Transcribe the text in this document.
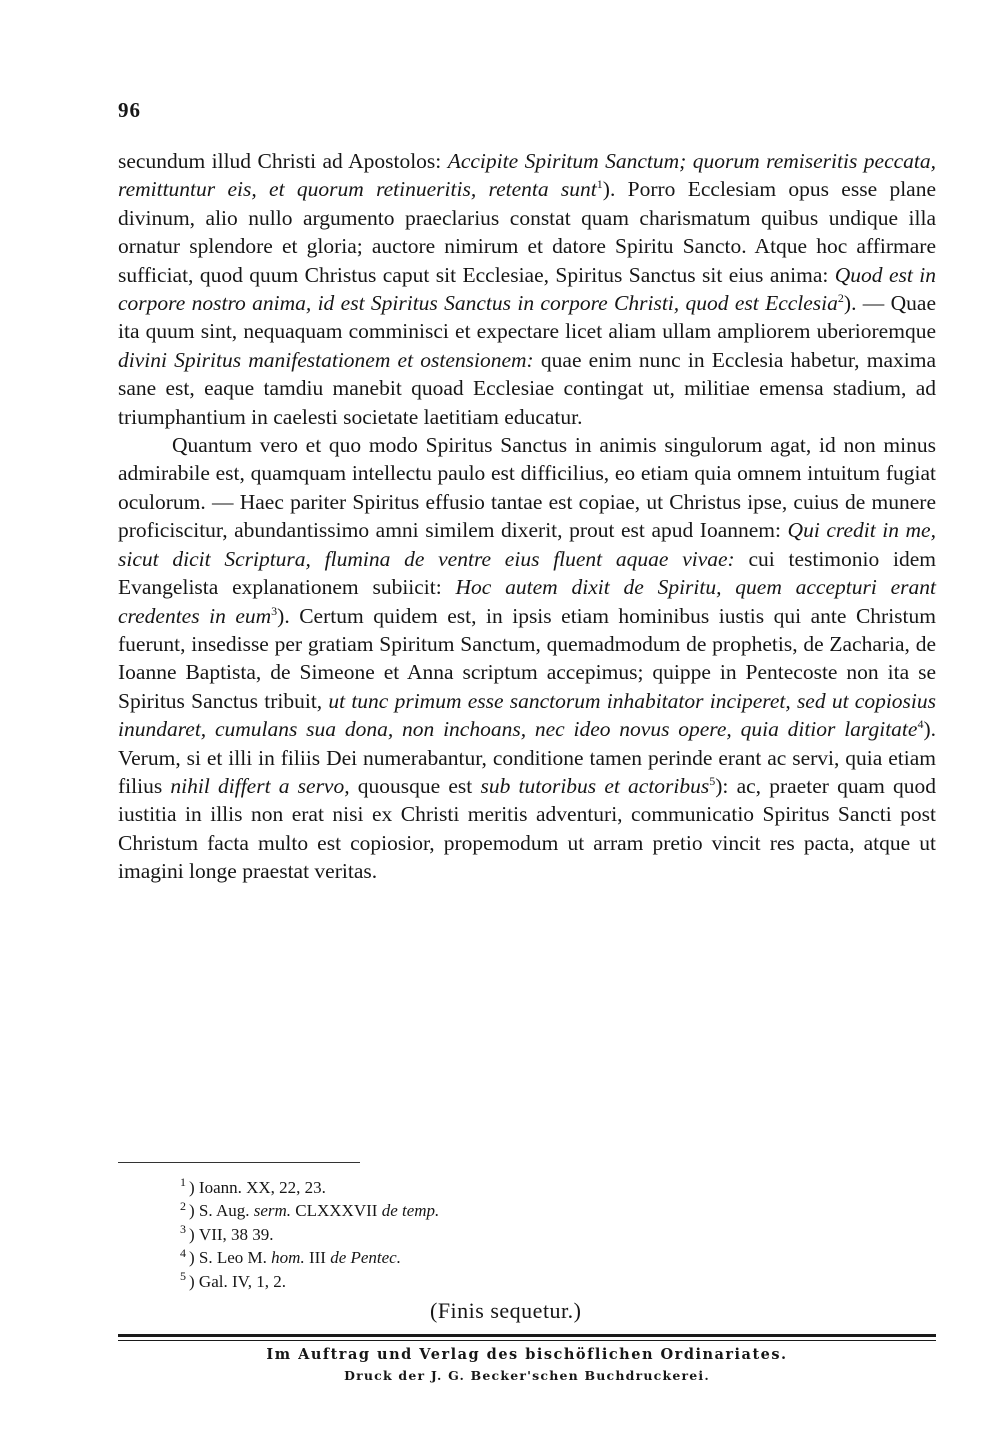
96

secundum illud Christi ad Apostolos: Accipite Spiritum Sanctum; quorum remiseritis peccata, remittuntur eis, et quorum retinueritis, retenta sunt$^1$). Porro Ecclesiam opus esse plane divinum, alio nullo argumento praeclarius constat quam charismatum quibus undique illa ornatur splendore et gloria; auctore nimirum et datore Spiritu Sancto. Atque hoc affirmare sufficiat, quod quum Christus caput sit Ecclesiae, Spiritus Sanctus sit eius anima: Quod est in corpore nostro anima, id est Spiritus Sanctus in corpore Christi, quod est Ecclesia$^2$). — Quae ita quum sint, nequaquam comminisci et expectare licet aliam ullam ampliorem uberioremque divini Spiritus manifestationem et ostensionem: quae enim nunc in Ecclesia habetur, maxima sane est, eaque tamdiu manebit quoad Ecclesiae contingat ut, militiae emensa stadium, ad triumphantium in caelesti societate laetitiam educatur.

Quantum vero et quo modo Spiritus Sanctus in animis singulorum agat, id non minus admirabile est, quamquam intellectu paulo est difficilius, eo etiam quia omnem intuitum fugiat oculorum. — Haec pariter Spiritus effusio tantae est copiae, ut Christus ipse, cuius de munere proficiscitur, abundantissimo amni similem dixerit, prout est apud Ioannem: Qui credit in me, sicut dicit Scriptura, flumina de ventre eius fluent aquae vivae: cui testimonio idem Evangelista explanationem subiicit: Hoc autem dixit de Spiritu, quem accepturi erant credentes in eum$^3$). Certum quidem est, in ipsis etiam hominibus iustis qui ante Christum fuerunt, insedisse per gratiam Spiritum Sanctum, quemadmodum de prophetis, de Zacharia, de Ioanne Baptista, de Simeone et Anna scriptum accepimus; quippe in Pentecoste non ita se Spiritus Sanctus tribuit, ut tunc primum esse sanctorum inhabitator inciperet, sed ut copiosius inundaret, cumulans sua dona, non inchoans, nec ideo novus opere, quia ditior largitate$^4$). Verum, si et illi in filiis Dei numerabantur, conditione tamen perinde erant ac servi, quia etiam filius nihil differt a servo, quousque est sub tutoribus et actoribus$^5$): ac, praeter quam quod iustitia in illis non erat nisi ex Christi meritis adventuri, communicatio Spiritus Sancti post Christum facta multo est copiosior, propemodum ut arram pretio vincit res pacta, atque ut imagini longe praestat veritas.

$^1$ ) Ioann. XX, 22, 23.
$^2$ ) S. Aug. serm. CLXXXVII de temp.
$^3$ ) VII, 38 39.
$^4$ ) S. Leo M. hom. III de Pentec.
$^5$ ) Gal. IV, 1, 2.
(Finis sequetur.)
Im Auftrag und Verlag des bischöflichen Ordinariates.
Druck der J. G. Becker'schen Buchdruckerei.
